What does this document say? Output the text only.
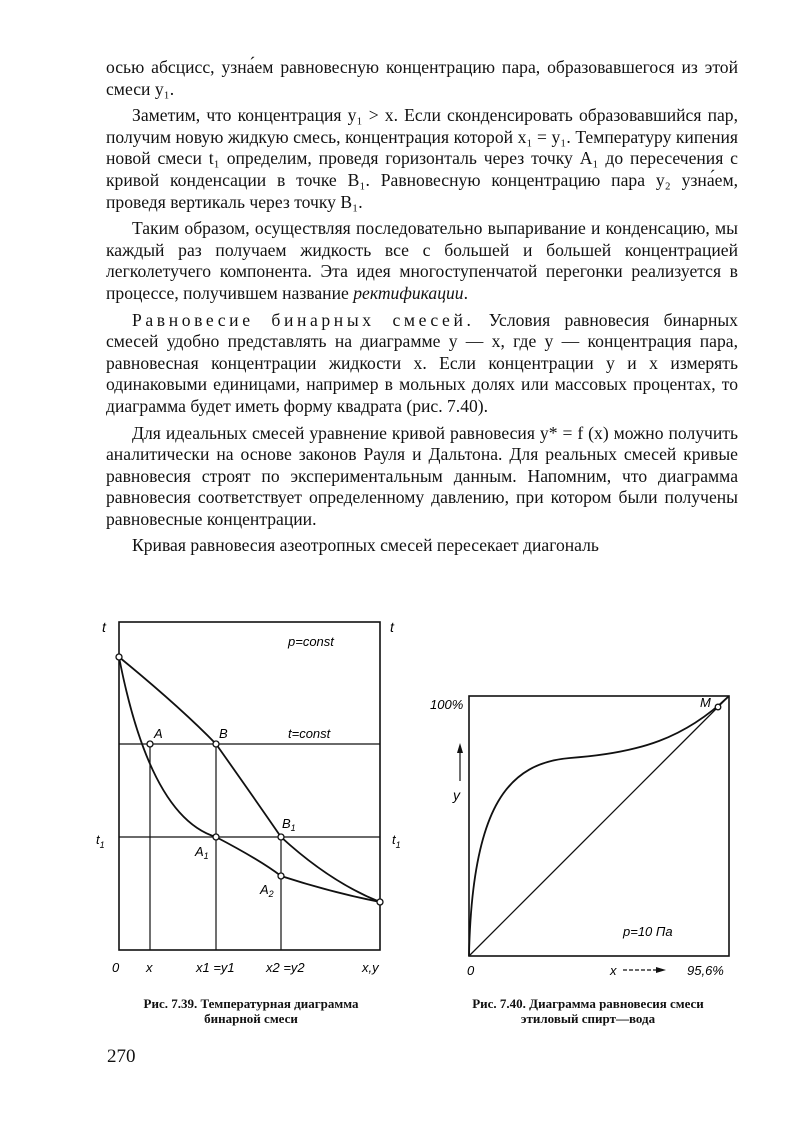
осью абсцисс, узна́ем равновесную концентрацию пара, образовавшегося из этой смеси y₁.

Заметим, что концентрация y₁ > x. Если сконденсировать образовавшийся пар, получим новую жидкую смесь, концентрация которой x₁ = y₁. Температуру кипения новой смеси t₁ определим, проведя горизонталь через точку A₁ до пересечения с кривой конденсации в точке B₁. Равновесную концентрацию пара y₂ узна́ем, проведя вертикаль через точку B₁.

Таким образом, осуществляя последовательно выпаривание и конденсацию, мы каждый раз получаем жидкость все с большей и большей концентрацией легколетучего компонента. Эта идея многоступенчатой перегонки реализуется в процессе, получившем название ректификации.

Равновесие бинарных смесей. Условия равновесия бинарных смесей удобно представлять на диаграмме y — x, где y — концентрация пара, равновесная концентрации жидкости x. Если концентрации y и x измерять одинаковыми единицами, например в мольных долях или массовых процентах, то диаграмма будет иметь форму квадрата (рис. 7.40).

Для идеальных смесей уравнение кривой равновесия y* = f (x) можно получить аналитически на основе законов Рауля и Дальтона. Для реальных смесей кривые равновесия строят по экспериментальным данным. Напомним, что диаграмма равновесия соответствует определенному давлению, при котором были получены равновесные концентрации.

Кривая равновесия азеотропных смесей пересекает диагональ

t	t
p=const
t=const
A	B
$B_1$
$A_1$
$A_2$
$t_1$	$t_1$
0 x	x1 =y1 x2 =y2	x,y
Рис. 7.39. Температурная диаграмма
бинарной смеси
100%
y
M
p=10 Па
0	x	95,6%
Рис. 7.40. Диаграмма равновесия смеси
этиловый спирт—вода
270
